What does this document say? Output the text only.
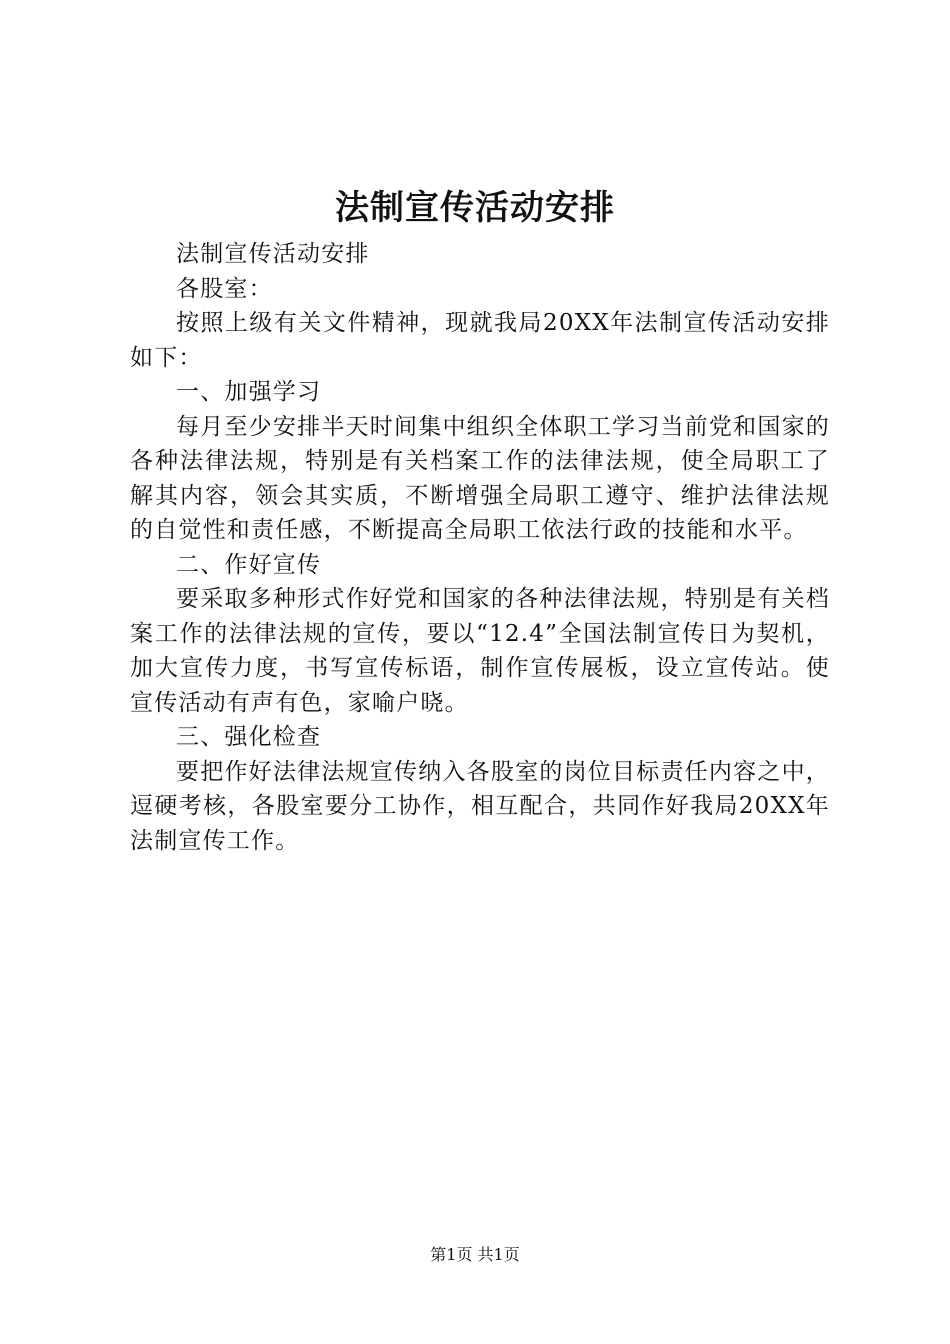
法制宣传活动安排

法制宣传活动安排

各股室：

按照上级有关文件精神，现就我局20XX年法制宣传活动安排如下：

一、加强学习

每月至少安排半天时间集中组织全体职工学习当前党和国家的各种法律法规，特别是有关档案工作的法律法规，使全局职工了解其内容，领会其实质，不断增强全局职工遵守、维护法律法规的自觉性和责任感，不断提高全局职工依法行政的技能和水平。

二、作好宣传

要采取多种形式作好党和国家的各种法律法规，特别是有关档案工作的法律法规的宣传，要以“12.4”全国法制宣传日为契机，加大宣传力度，书写宣传标语，制作宣传展板，设立宣传站。使宣传活动有声有色，家喻户晓。

三、强化检查

要把作好法律法规宣传纳入各股室的岗位目标责任内容之中，逗硬考核，各股室要分工协作，相互配合，共同作好我局20XX年法制宣传工作。

第1页 共1页
